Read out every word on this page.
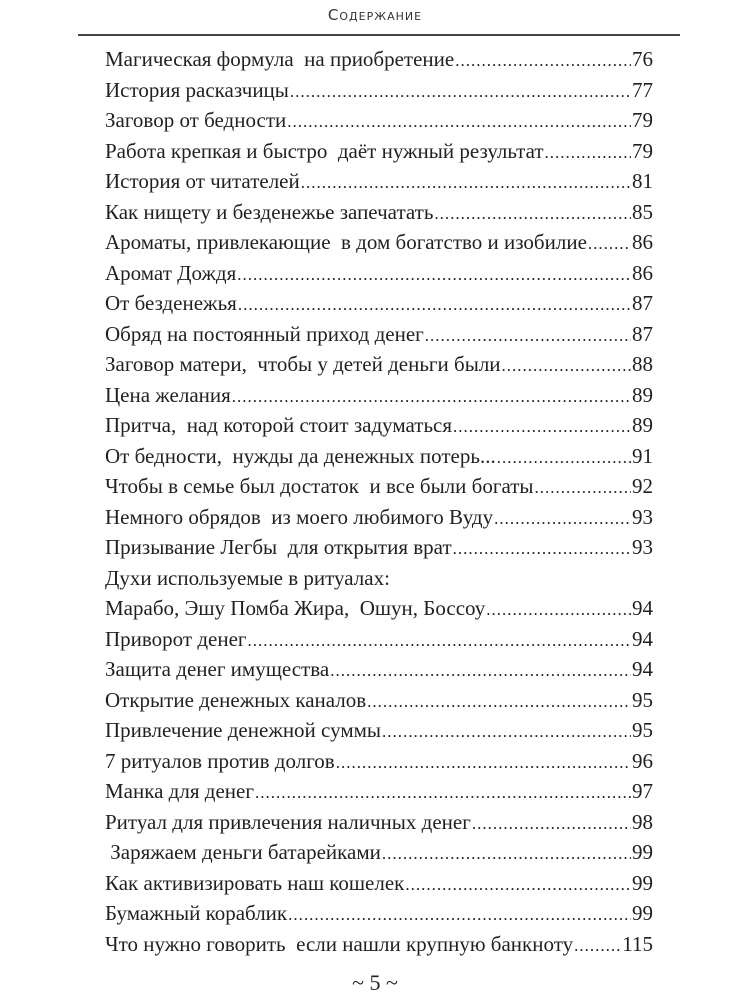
Содержание
Магическая формула  на приобретение .....	76
История расказчицы .....	77
Заговор от бедности .....	79
Работа крепкая и быстро  даёт нужный результат .....	79
История от читателей .....	81
Как нищету и безденежье запечатать .....	85
Ароматы, привлекающие  в дом богатство и изобилие ..... 86
Аромат Дождя .....	86
От безденежья .....	87
Обряд на постоянный приход денег .....	87
Заговор матери,  чтобы у детей деньги были .....	88
Цена желания .....	89
Притча,  над которой стоит задуматься .....	89
От бедности,  нужды да денежных потерь... .....	91
Чтобы в семье был достаток  и все были богаты .....	92
Немного обрядов  из моего любимого Вуду .....	93
Призывание Легбы  для открытия врат .....	93
Духи используемые в ритуалах:
Марабо, Эшу Помба Жира,  Ошун, Боссоу .....	94
Приворот денег .....	94
Защита денег имущества .....	94
Открытие денежных каналов .....	95
Привлечение денежной суммы .....	95
7 ритуалов против долгов .....	96
Манка для денег .....	97
Ритуал для привлечения наличных денег .....	98
Заряжаем деньги батарейками .....	99
Как активизировать наш кошелек .....	99
Бумажный кораблик .....	99
Что нужно говорить  если нашли крупную банкноту ..... 115
~ 5 ~
